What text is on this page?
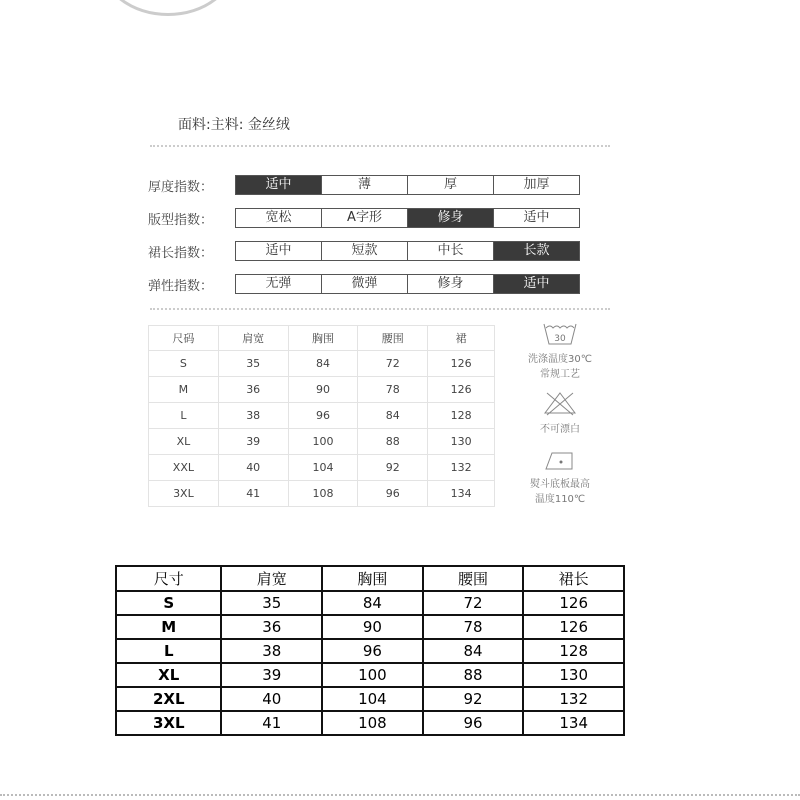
面料:主料: 金丝绒
厚度指数：	适中	薄	厚	加厚
版型指数：	宽松	A字形	修身	适中
裙长指数：	适中	短款	中长	长款
弹性指数：	无弹	微弹	修身	适中
尺码	肩宽	胸围	腰围	裙
S	35	84	72	126
M	36	90	78	126
L	38	96	84	128
XL	39	100	88	130
XXL	40	104	92	132
3XL	41	108	96	134
30
洗涤温度30℃
常规工艺
不可漂白
熨斗底板最高
温度110℃
尺寸	肩宽	胸围	腰围	裙长
S	35	84	72	126
M	36	90	78	126
L	38	96	84	128
XL	39	100	88	130
2XL	40	104	92	132
3XL	41	108	96	134
